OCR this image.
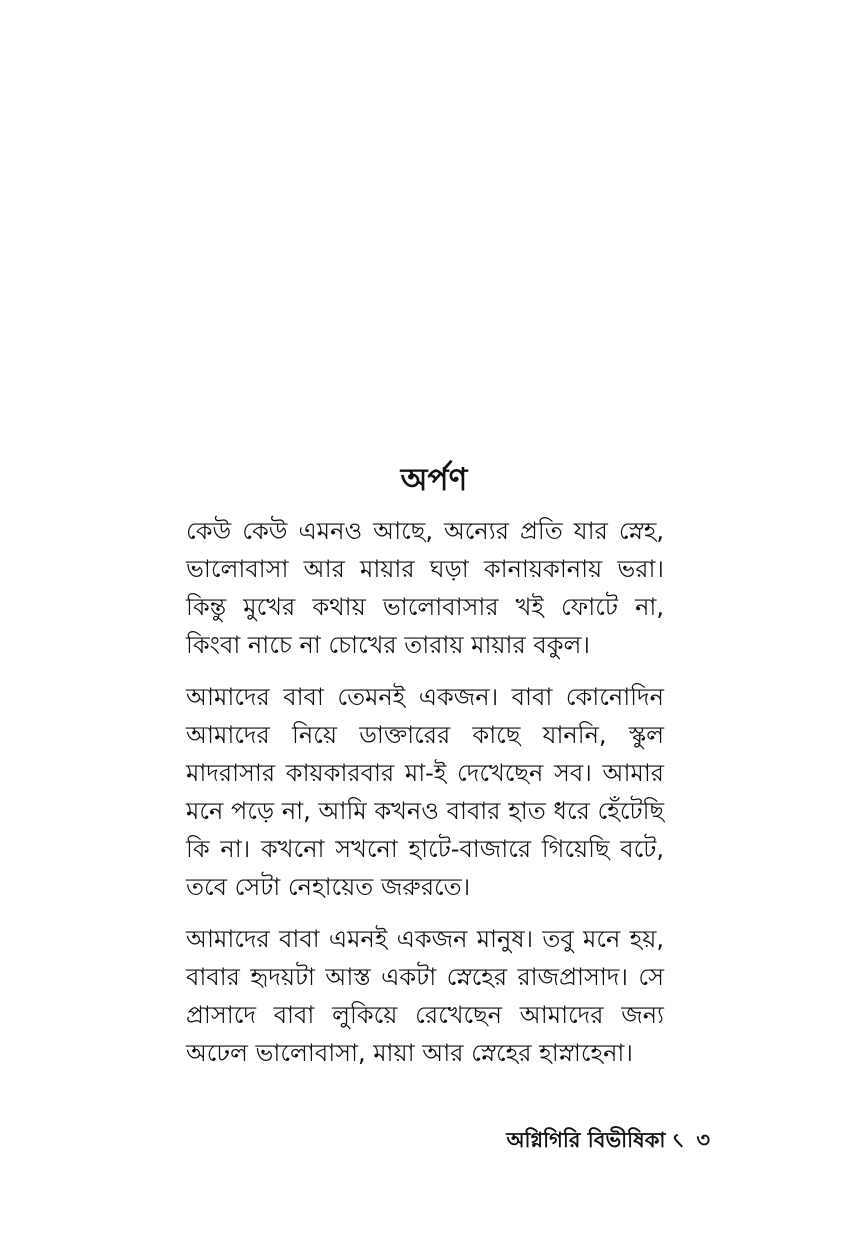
অর্পণ

কেউ কেউ এমনও আছে, অন্যের প্রতি যার স্নেহ, ভালোবাসা আর মায়ার ঘড়া কানায়কানায় ভরা। কিন্তু মুখের কথায় ভালোবাসার খই ফোটে না, কিংবা নাচে না চোখের তারায় মায়ার বকুল।

আমাদের বাবা তেমনই একজন। বাবা কোনোদিন আমাদের নিয়ে ডাক্তারের কাছে যাননি, স্কুল মাদরাসার কায়কারবার মা-ই দেখেছেন সব। আমার মনে পড়ে না, আমি কখনও বাবার হাত ধরে হেঁটেছি কি না। কখনো সখনো হাটে-বাজারে গিয়েছি বটে, তবে সেটা নেহায়েত জরুরতে।

আমাদের বাবা এমনই একজন মানুষ। তবু মনে হয়, বাবার হৃদয়টা আস্ত একটা স্নেহের রাজপ্রাসাদ। সে প্রাসাদে বাবা লুকিয়ে রেখেছেন আমাদের জন্য অঢেল ভালোবাসা, মায়া আর স্নেহের হাস্নাহেনা।

অগ্নিগিরি বিভীষিকা ৻ ৩
